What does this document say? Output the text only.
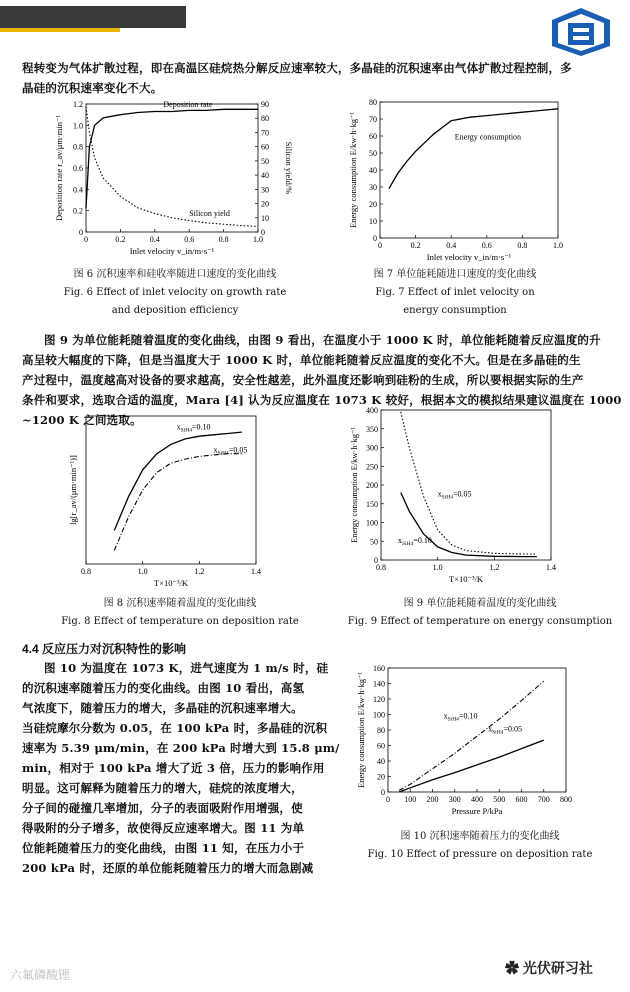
程转变为气体扩散过程，即在高温区硅烷热分解反应速率较大，多晶硅的沉积速率由气体扩散过程控制，多
晶硅的沉积速率变化不大。
0	0.2	0.4	0.6	0.8	1.0
Inlet velocity v_in/m·s⁻¹
0
0.2
0.4
0.6
0.8
1.0
1.2
Deposition rate r_av/μm·min⁻¹
0
10
20
30
40
50
60
70
80
90
Silicon yield/%
Deposition rate
Silicon yield
图 6 沉积速率和硅收率随进口速度的变化曲线
Fig. 6 Effect of inlet velocity on growth rate
and deposition efficiency
0	0.2	0.4	0.6	0.8	1.0
Inlet velocity v_in/m·s⁻¹
0
10
20
30
40
50
60
70
80
Energy consumption E/kw·h·kg⁻¹	Energy consumption
图 7 单位能耗随进口速度的变化曲线
Fig. 7 Effect of inlet velocity on
energy consumption
图 9 为单位能耗随着温度的变化曲线，由图 9 看出，在温度小于 1000 K 时，单位能耗随着反应温度的升
高呈较大幅度的下降，但是当温度大于 1000 K 时，单位能耗随着反应温度的变化不大。但是在多晶硅的生
产过程中，温度越高对设备的要求越高，安全性越差，此外温度还影响到硅粉的生成，所以要根据实际的生产
条件和要求，选取合适的温度，Mara [4] 认为反应温度在 1073 K 较好，根据本文的模拟结果建议温度在 1000
~1200 K 之间选取。
0.8	1.0	1.2	1.4
T×10⁻³/K
lg[r_av/(μm·min⁻¹)]
$x_{SiH4}=0.10$
$x_{SiH4}=0.05$
图 8 沉积速率随着温度的变化曲线
Fig. 8 Effect of temperature on deposition rate
0.8	1.0	1.2	1.4
T×10⁻³/K
0
50
100
150
200
250
300
350
400
Energy consumption E/kw·h·kg⁻¹	$x_{SiH4}=0.05$
$x_{SiH4}=0.10$
图 9 单位能耗随着温度的变化曲线
Fig. 9 Effect of temperature on energy consumption
4.4 反应压力对沉积特性的影响
图 10 为温度在 1073 K，进气速度为 1 m/s 时，硅
的沉积速率随着压力的变化曲线。由图 10 看出，高氢
气浓度下，随着压力的增大，多晶硅的沉积速率增大。
当硅烷摩尔分数为 0.05，在 100 kPa 时，多晶硅的沉积
速率为 5.39 μm/min，在 200 kPa 时增大到 15.8 μm/
min，相对于 100 kPa 增大了近 3 倍，压力的影响作用
明显。这可解释为随着压力的增大，硅烷的浓度增大，
分子间的碰撞几率增加，分子的表面吸附作用增强，使
得吸附的分子增多，故使得反应速率增大。图 11 为单
位能耗随着压力的变化曲线，由图 11 知，在压力小于
200 kPa 时，还原的单位能耗随着压力的增大而急剧减
0 100 200 300 400 500 600 700 800
Pressure P/kPa
0
20
40
60
80
100
120
140
160
Energy consumption E/kw·h·kg⁻¹	$x_{SiH4}=0.10$
$x_{SiH4}=0.05$
图 10 沉积速率随着压力的变化曲线
Fig. 10 Effect of pressure on deposition rate
六氟磷酸锂	✿ 光伏研习社
